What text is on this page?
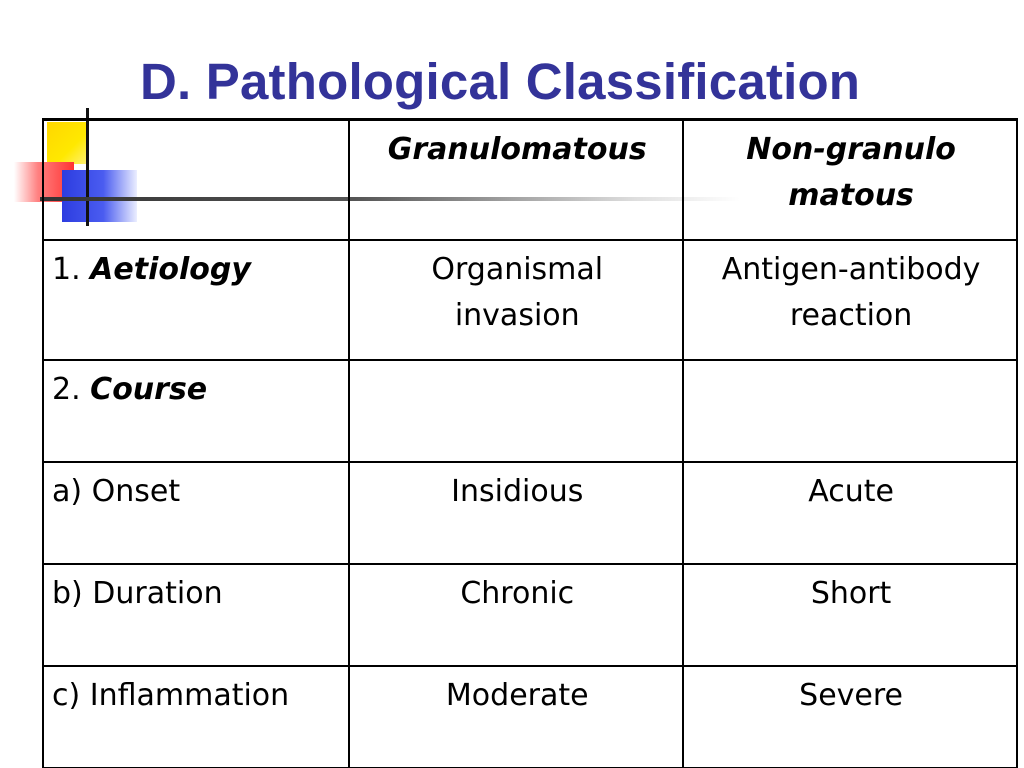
D. Pathological Classification
	Granulomatous	Non-granulomatous

1. Aetiology	Organismal invasion	Antigen-antibody reaction

2. Course		
a) Onset	Insidious	Acute
b) Duration	Chronic	Short
c) Inflammation	Moderate	Severe
